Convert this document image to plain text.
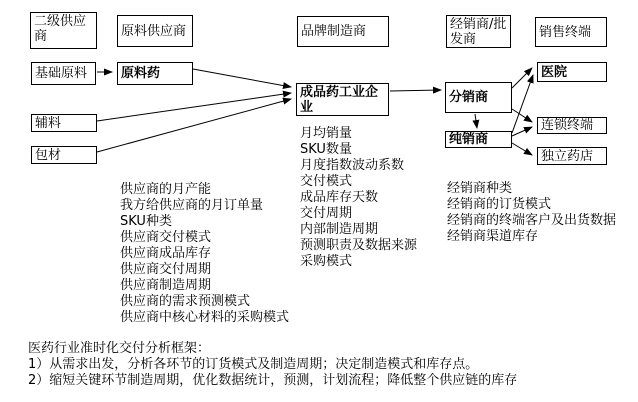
二级供应商	原料供应商	品牌制造商	经销商/批发商	销售终端
基础原料	原料药
辅料
包材
成品药工业企业
分销商
纯销商
医院
连锁终端
独立药店
供应商的月产能
我方给供应商的月订单量
SKU种类
供应商交付模式
供应商成品库存
供应商交付周期
供应商制造周期
供应商的需求预测模式
供应商中核心材料的采购模式
月均销量
SKU数量
月度指数波动系数
交付模式
成品库存天数
交付周期
内部制造周期
预测职责及数据来源
采购模式
经销商种类
经销商的订货模式
经销商的终端客户及出货数据
经销商渠道库存
医药行业准时化交付分析框架：
1）从需求出发，分析各环节的订货模式及制造周期；决定制造模式和库存点。
2）缩短关键环节制造周期，优化数据统计，预测，计划流程；降低整个供应链的库存
